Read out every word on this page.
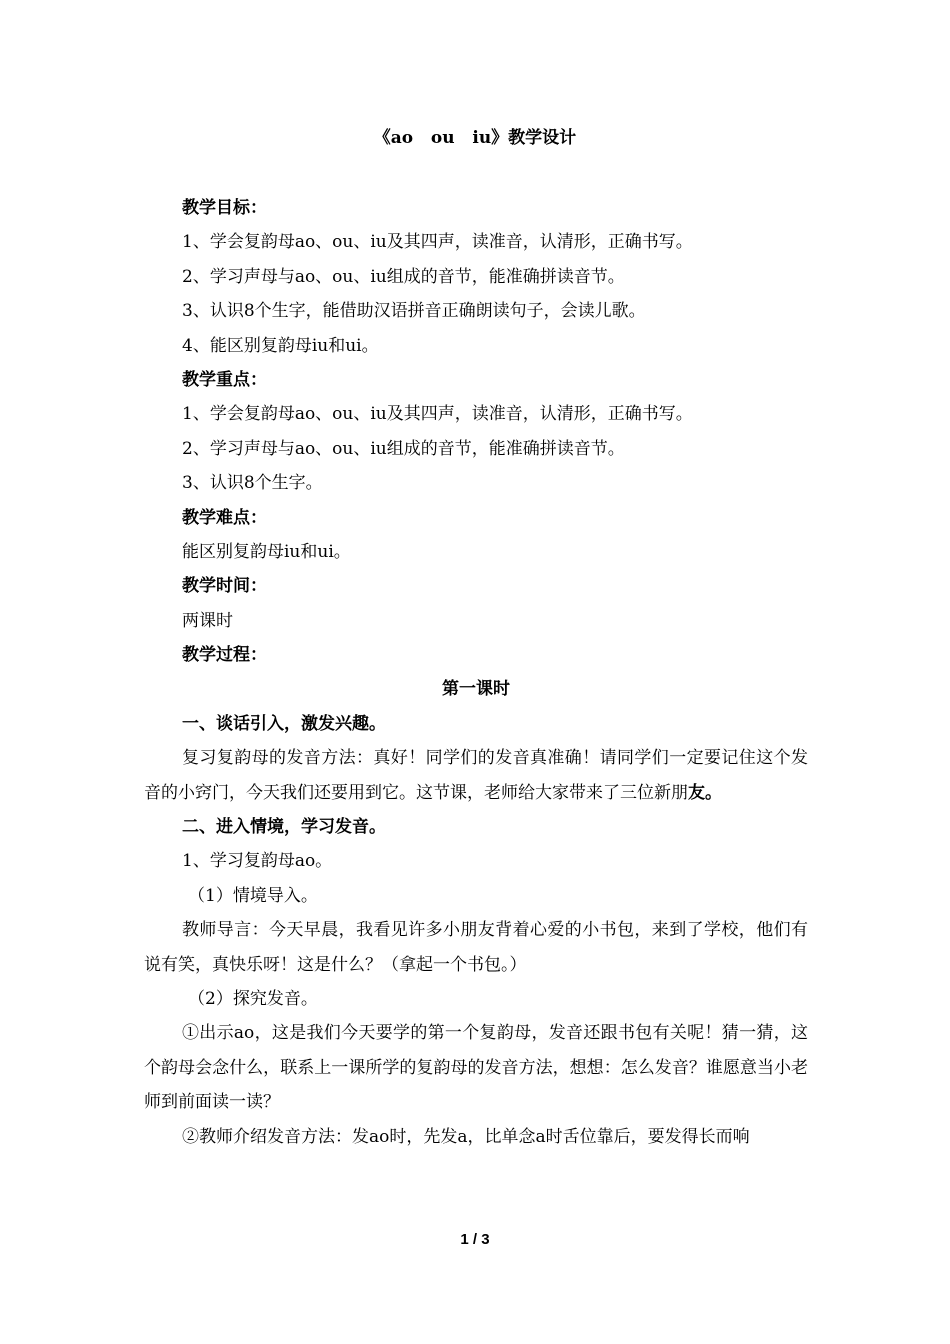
《ao   ou   iu》教学设计
教学目标：
1、学会复韵母ao、ou、iu及其四声，读准音，认清形，正确书写。
2、学习声母与ao、ou、iu组成的音节，能准确拼读音节。
3、认识8个生字，能借助汉语拼音正确朗读句子，会读儿歌。
4、能区别复韵母iu和ui。
教学重点：
1、学会复韵母ao、ou、iu及其四声，读准音，认清形，正确书写。
2、学习声母与ao、ou、iu组成的音节，能准确拼读音节。
3、认识8个生字。
教学难点：
能区别复韵母iu和ui。
教学时间：
两课时
教学过程：
第一课时
一、谈话引入，激发兴趣。

复习复韵母的发音方法：真好！同学们的发音真准确！请同学们一定要记住这个发音的小窍门，今天我们还要用到它。这节课，老师给大家带来了三位新朋友。

二、进入情境，学习发音。
1、学习复韵母ao。
（1）情境导入。

教师导言：今天早晨，我看见许多小朋友背着心爱的小书包，来到了学校，他们有说有笑，真快乐呀！这是什么？（拿起一个书包。）

（2）探究发音。

①出示ao，这是我们今天要学的第一个复韵母，发音还跟书包有关呢！猜一猜，这个韵母会念什么，联系上一课所学的复韵母的发音方法，想想：怎么发音？谁愿意当小老师到前面读一读？

②教师介绍发音方法：发ao时，先发a，比单念a时舌位靠后，要发得长而响

1 / 3
